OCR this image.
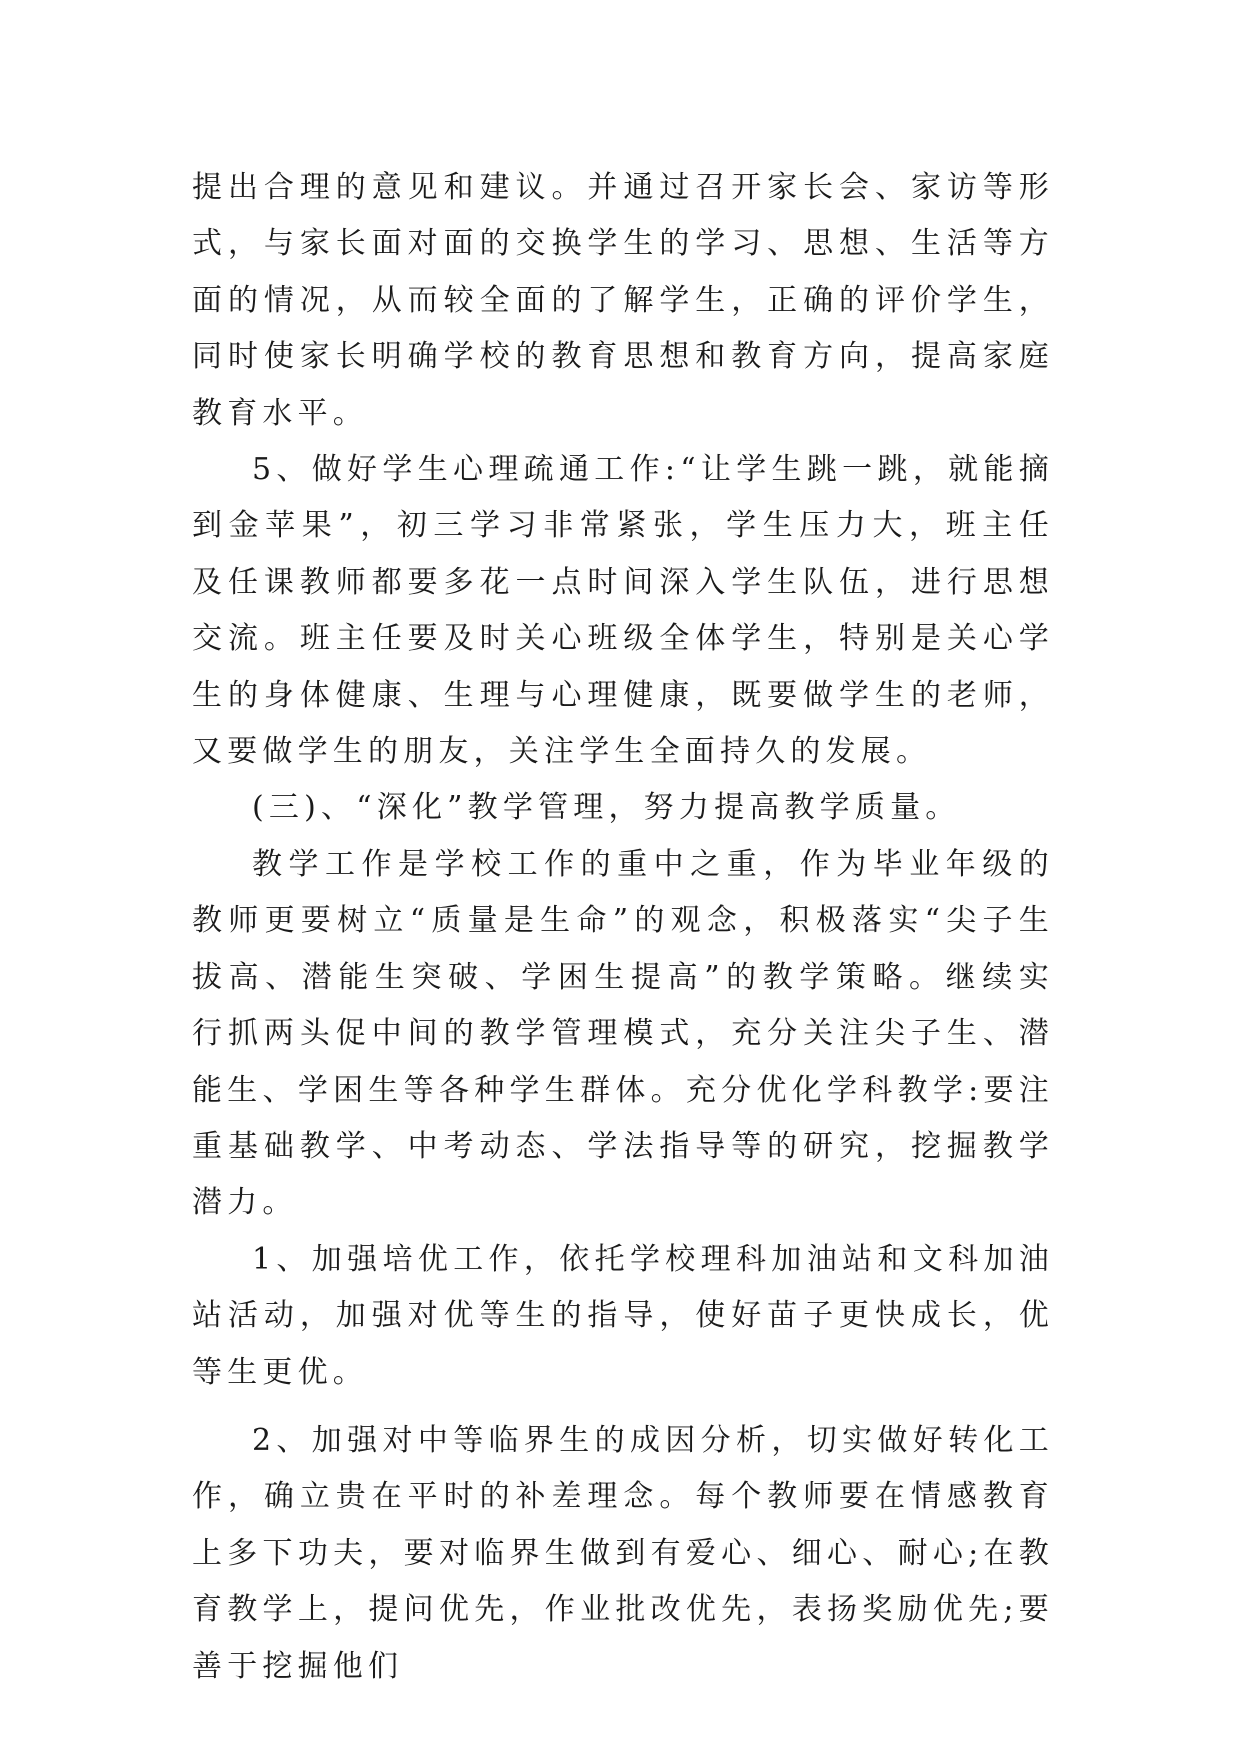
提出合理的意见和建议。并通过召开家长会、家访等形式，与家长面对面的交换学生的学习、思想、生活等方面的情况，从而较全面的了解学生，正确的评价学生，同时使家长明确学校的教育思想和教育方向，提高家庭教育水平。

5、做好学生心理疏通工作:“让学生跳一跳，就能摘到金苹果”，初三学习非常紧张，学生压力大，班主任及任课教师都要多花一点时间深入学生队伍，进行思想交流。班主任要及时关心班级全体学生，特别是关心学生的身体健康、生理与心理健康，既要做学生的老师，又要做学生的朋友，关注学生全面持久的发展。

(三)、“深化”教学管理，努力提高教学质量。

教学工作是学校工作的重中之重，作为毕业年级的教师更要树立“质量是生命”的观念，积极落实“尖子生拔高、潜能生突破、学困生提高”的教学策略。继续实行抓两头促中间的教学管理模式，充分关注尖子生、潜能生、学困生等各种学生群体。充分优化学科教学:要注重基础教学、中考动态、学法指导等的研究，挖掘教学潜力。

1、加强培优工作，依托学校理科加油站和文科加油站活动，加强对优等生的指导，使好苗子更快成长，优等生更优。

2、加强对中等临界生的成因分析，切实做好转化工作，确立贵在平时的补差理念。每个教师要在情感教育上多下功夫，要对临界生做到有爱心、细心、耐心;在教育教学上，提问优先，作业批改优先，表扬奖励优先;要善于挖掘他们
